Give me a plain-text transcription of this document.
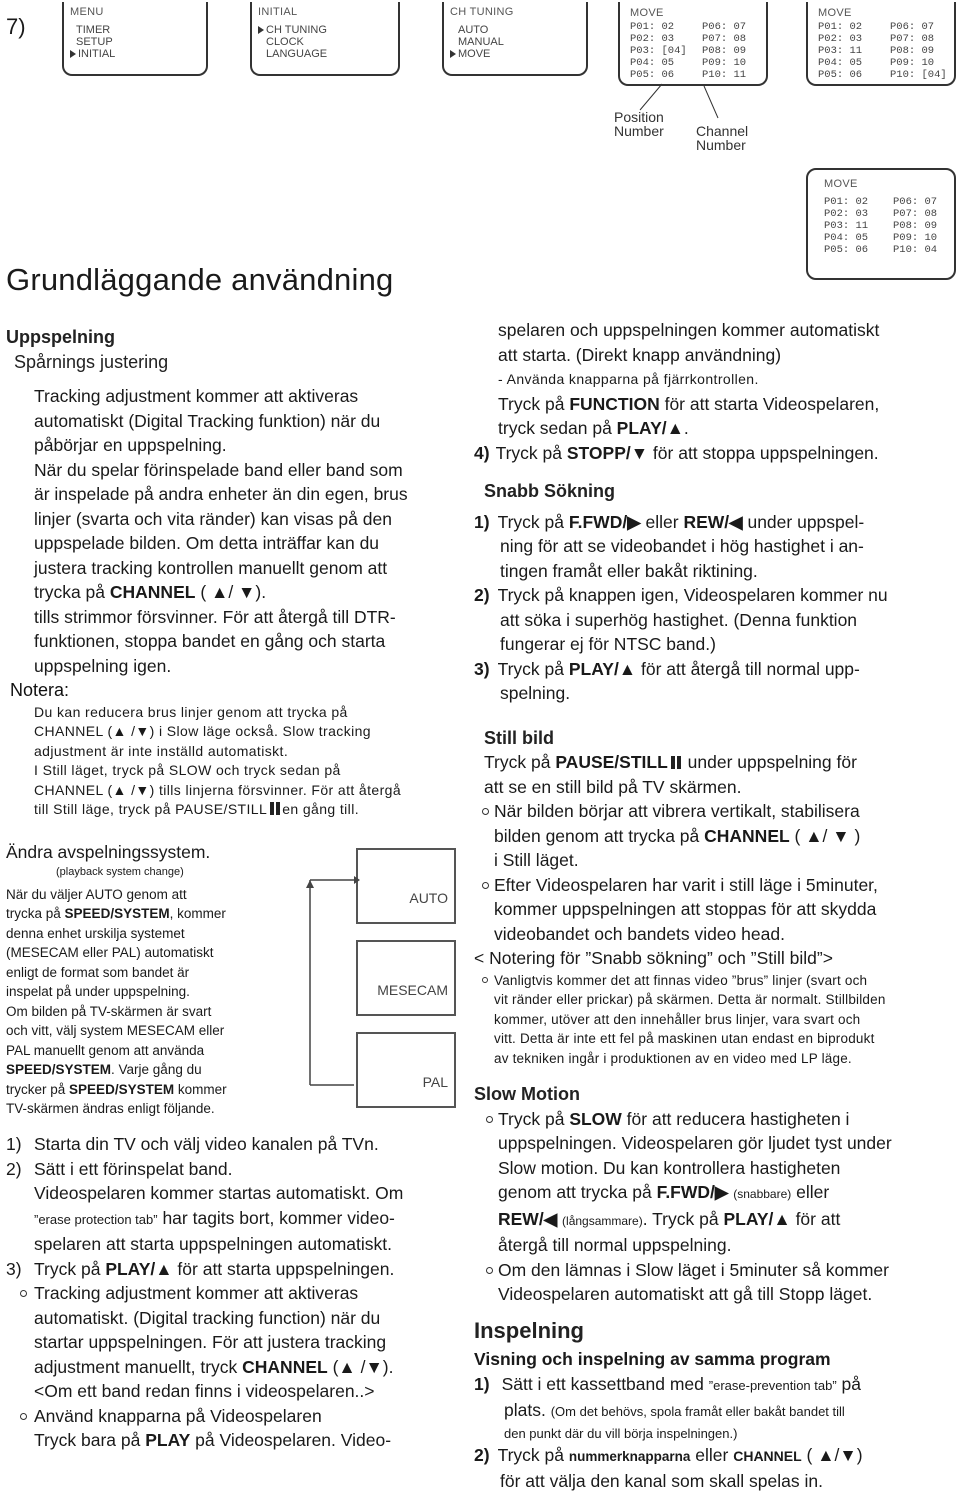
7)
MENU
TIMER
SETUP
INITIAL
INITIAL
CH TUNING
CLOCK
LANGUAGE
CH TUNING
AUTO
MANUAL
MOVE
MOVE
P01: 02	P06: 07
P02: 03	P07: 08
P03: [04]	P08: 09
P04: 05	P09: 10
P05: 06	P10: 11
MOVE
P01: 02	P06: 07
P02: 03	P07: 08
P03: 11	P08: 09
P04: 05	P09: 10
P05: 06	P10: [04]
Position
Number Channel
Number
MOVE
P01: 02	P06: 07
P02: 03	P07: 08
P03: 11	P08: 09
P04: 05	P09: 10
P05: 06	P10: 04
Grundläggande användning
Uppspelning
Spårnings justering
Tracking adjustment kommer att aktiveras
automatiskt (Digital Tracking funktion) när du
påbörjar en uppspelning.
När du spelar förinspelade band eller band som
är inspelade på andra enheter än din egen, brus
linjer (svarta och vita ränder) kan visas på den
uppspelade bilden. Om detta inträffar kan du
justera tracking kontrollen manuellt genom att
trycka på CHANNEL ( ▲/ ▼).
tills strimmor försvinner. För att återgå till DTR-
funktionen, stoppa bandet en gång och starta
uppspelning igen.
Notera:
Du kan reducera brus linjer genom att trycka på
CHANNEL (▲ /▼) i Slow läge också. Slow tracking
adjustment är inte inställd automatiskt.
I Still läget, tryck på SLOW och tryck sedan på
CHANNEL (▲ /▼) tills linjerna försvinner. För att återgå
till Still läge, tryck på PAUSE/STILL en gång till.
Ändra avspelningssystem.
(playback system change)
När du väljer AUTO genom att
trycka på SPEED/SYSTEM, kommer
denna enhet urskilja systemet
(MESECAM eller PAL) automatiskt
enligt de format som bandet är
inspelat på under uppspelning.
Om bilden på TV-skärmen är svart
och vitt, välj system MESECAM eller
PAL manuellt genom att använda
SPEED/SYSTEM. Varje gång du
trycker på SPEED/SYSTEM kommer
TV-skärmen ändras enligt följande.
AUTO
MESECAM
PAL
1) Starta din TV och välj video kanalen på TVn.
2) Sätt i ett förinspelat band.
Videospelaren kommer startas automatiskt. Om
”erase protection tab” har tagits bort, kommer video-
spelaren att starta uppspelningen automatiskt.
3) Tryck på PLAY/▲ för att starta uppspelningen.
Tracking adjustment kommer att aktiveras
automatiskt. (Digital tracking function) när du
startar uppspelningen. För att justera tracking
adjustment manuellt, tryck CHANNEL (▲ /▼).
<Om ett band redan finns i videospelaren..>
Använd knapparna på Videospelaren
Tryck bara på PLAY på Videospelaren. Video-
spelaren och uppspelningen kommer automatiskt
att starta. (Direkt knapp användning)
- Använda knapparna på fjärrkontrollen.
Tryck på FUNCTION för att starta Videospelaren,
tryck sedan på PLAY/▲.
4) Tryck på STOPP/▼ för att stoppa uppspelningen.
Snabb Sökning
1) Tryck på F.FWD/▶ eller REW/◀ under uppspel-
ning för att se videobandet i hög hastighet i an-
tingen framåt eller bakåt riktining.
2) Tryck på knappen igen, Videospelaren kommer nu
att söka i superhög hastighet. (Denna funktion
fungerar ej för NTSC band.)
3) Tryck på PLAY/▲ för att återgå till normal upp-
spelning.
Still bild
Tryck på PAUSE/STILL under uppspelning för
att se en still bild på TV skärmen.
När bilden börjar att vibrera vertikalt, stabilisera
bilden genom att trycka på CHANNEL ( ▲/ ▼ )
i Still läget.
Efter Videospelaren har varit i still läge i 5minuter,
kommer uppspelningen att stoppas för att skydda
videobandet och bandets video head.
< Notering för ”Snabb sökning” och ”Still bild”>
Vanligtvis kommer det att finnas video ”brus” linjer (svart och
vit ränder eller prickar) på skärmen. Detta är normalt. Stillbilden
kommer, utöver att den innehåller brus linjer, vara svart och
vitt. Detta är inte ett fel på maskinen utan endast en biprodukt
av tekniken ingår i produktionen av en video med LP läge.
Slow Motion
Tryck på SLOW för att reducera hastigheten i
uppspelningen. Videospelaren gör ljudet tyst under
Slow motion. Du kan kontrollera hastigheten
genom att trycka på F.FWD/▶ (snabbare) eller
REW/◀ (långsammare). Tryck på PLAY/▲ för att
återgå till normal uppspelning.
Om den lämnas i Slow läget i 5minuter så kommer
Videospelaren automatiskt att gå till Stopp läget.
Inspelning
Visning och inspelning av samma program
1) Sätt i ett kassettband med ”erase-prevention tab” på
plats. (Om det behövs, spola framåt eller bakåt bandet till
den punkt där du vill börja inspelningen.)
2) Tryck på nummerknapparna eller CHANNEL ( ▲/▼)
för att välja den kanal som skall spelas in.
